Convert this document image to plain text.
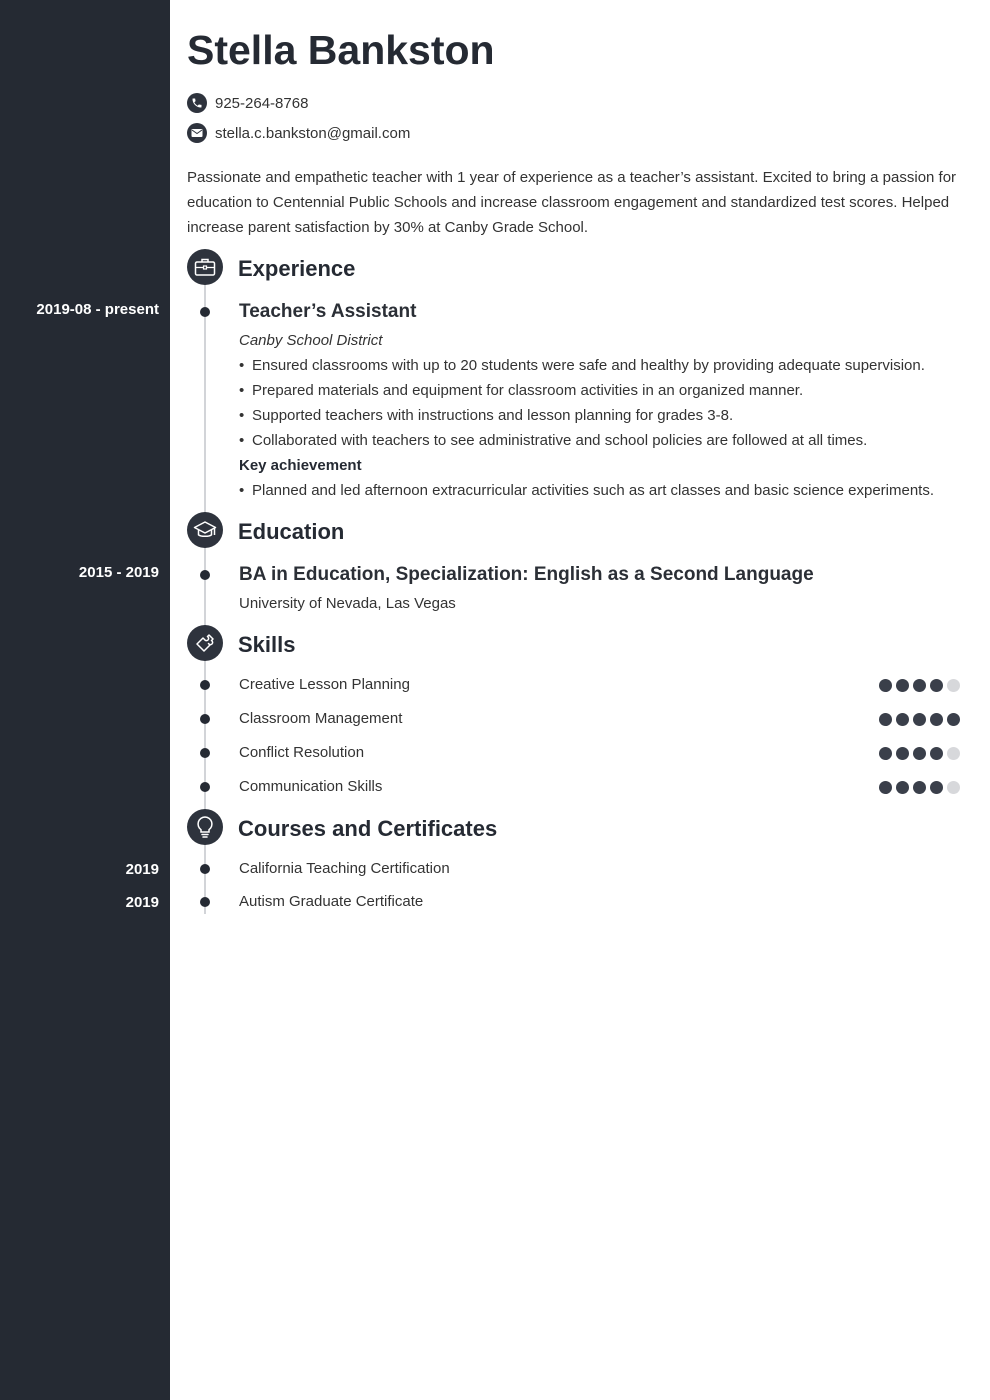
Stella Bankston
925-264-8768
stella.c.bankston@gmail.com

Passionate and empathetic teacher with 1 year of experience as a teacher’s assistant. Excited to bring a passion for education to Centennial Public Schools and increase classroom engagement and standardized test scores. Helped increase parent satisfaction by 30% at Canby Grade School.

Experience
2019-08 - present	Teacher’s Assistant
Canby School District
• Ensured classrooms with up to 20 students were safe and healthy by providing adequate supervision.
• Prepared materials and equipment for classroom activities in an organized manner.
• Supported teachers with instructions and lesson planning for grades 3-8.
• Collaborated with teachers to see administrative and school policies are followed at all times.
Key achievement
• Planned and led afternoon extracurricular activities such as art classes and basic science experiments.
Education
2015 - 2019	BA in Education, Specialization: English as a Second Language
University of Nevada, Las Vegas
Skills
Creative Lesson Planning
Classroom Management
Conflict Resolution
Communication Skills
Courses and Certificates
2019	California Teaching Certification
2019	Autism Graduate Certificate
